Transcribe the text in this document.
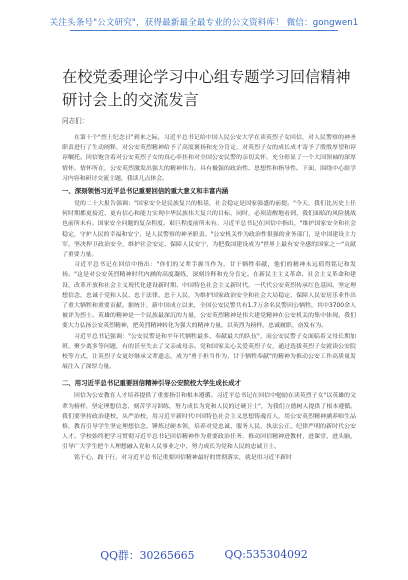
关注头条号"公文研究"，获得最新最全最专业的公文资料库！ 微信：gongwen1
在校党委理论学习中心组专题学习回信精神研讨会上的交流发言
同志们：

在第十个"烈士纪念日"到来之际，习近平总书记给中国人民公安大学在读英烈子女回信，对人民警察的神圣职责进行了生动阐释，对公安英烈精神给予了高度褒扬和充分肯定，对英烈子女的成长成才寄予了殷殷厚望和谆谆嘱托。回信饱含着对公安英烈子女的真心牵挂和对全国公安民警的亲切关怀，充分彰显了一个大国领袖的深厚情怀，情怀所在，公安英烈激发出强大的精神伟力。具有极强的政治性、思想性和指导性。下面，围绕中心组学习内容和研讨交流主题，我谈几点体会。

一、深刻领悟习近平总书记重要回信的重大意义和丰富内涵

党的二十大报告强调："国家安全是民族复兴的根基，社会稳定是国家强盛的前提。"今天，我们比历史上任何时期都更接近、更有信心和能力实现中华民族伟大复兴的目标，同时，必须清醒地看到，我们面临的风险挑战也前所未有。国家安全问题的复杂程度、艰巨程度前所未有。习近平总书记在回信中指出，"维护国家安全和社会稳定，守护人民的幸福和安宁，是人民警察的神圣职责。"公安机关作为政治性很强的业务部门，是中国建设主力军，坚决捍卫政治安全，维护社会安定、保障人民安宁，为把我国建设成为"世界上最有安全感的国家之一"贡献了重要力量。

习近平总书记在回信中指出："你们的父辈手握当作为，甘于牺牲奉献，他们的精神永远值得铭记和发扬。"这是对公安英烈精神时代内涵的高度凝练，深刻诠释和充分肯定。在新民主主义革命、社会主义革命和建设、改革开放和社会主义现代化建设新时期、中国特色社会主义新时代，一代代公安英烈传承红色基因、坚定理想信念，忠诚于党和人民、忠于法律、忠于人民，为维护国家政治安全和社会大局稳定、保障人民安居乐业作出了重大牺牲和重要贡献。据统计，新中国成立以来，全国公安民警共有1.7万余名民警因公牺牲，其中3700余人被评为烈士。英雄的精神是一个民族最深沉的力量，公安英烈精神是伟大建党精神在公安机关的集中体现。我们要大力弘扬公安英烈精神，把英烈精神转化为强大的精神力量，以英烈为榜样，忠诚履职、奋发有为。

习近平总书记强调："公安民警是和平年代牺牲最多、奉献最大的队伍"，而公安民警子女面临着父母长期加班、聚少离多等问题，有的甚至失去了父亲或母亲。党和国家关心关爱英烈子女，通过选拔英烈子女就读公安院校等方式，让英烈子女更好继承父辈遗志，成为"勇于担当作为、甘于牺牲奉献"的精神为推动公安工作高质量发展注入了深厚力量。

二、用习近平总书记重要回信精神引导公安院校大学生成长成才

回信为公安教育人才培养提供了重要指引和根本遵循。习近平总书记在回信中勉励在读英烈子女"以英雄的父辈为榜样，坚定理想信念，刻苦学习训练，努力成长为党和人民的过硬卫士"，为我们立德树人提供了根本遵循。我们要坚持政治建校、从严治校，用习近平新时代中国特色社会主义思想铸魂育人，用公安英烈精神涵养师生品格，教育引导学生坚定理想信念、锤炼过硬本领，培养对党忠诚、服务人民、执法公正、纪律严明的新时代公安人才。学校始终把学习贯彻习近平总书记回信精神作为重要政治任务，推动回信精神进教材、进课堂、进头脑，引导广大学生把个人理想融入党和人民事业之中，努力成长为党和人民的忠诚卫士。

铭于心，践于行。对习近平总书记重要回信精神最好的贯彻落实，就是用习近平新时

QQ群：30265665	QQ:535304092
